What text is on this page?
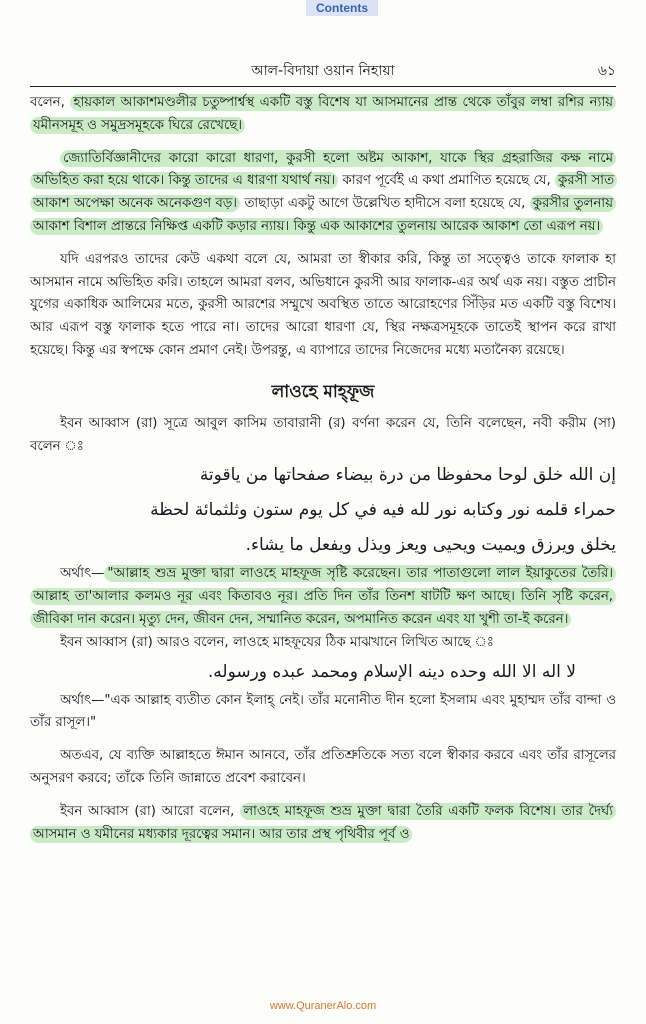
Contents
আল-বিদায়া ওয়ান নিহায়া	৬১

বলেন, হায়কাল আকাশমণ্ডলীর চতুষ্পার্শ্বস্থ একটি বস্তু বিশেষ যা আসমানের প্রান্ত থেকে তাঁবুর লম্বা রশির ন্যায় যমীনসমূহ ও সমুদ্রসমূহকে ঘিরে রেখেছে।

জ্যোতির্বিজ্ঞানীদের কারো কারো ধারণা, কুরসী হলো অষ্টম আকাশ, যাকে স্থির গ্রহরাজির কক্ষ নামে অভিহিত করা হয়ে থাকে। কিন্তু তাদের এ ধারণা যথার্থ নয়। কারণ পূর্বেই এ কথা প্রমাণিত হয়েছে যে, কুরসী সাত আকাশ অপেক্ষা অনেক অনেকগুণ বড়। তাছাড়া একটু আগে উল্লেখিত হাদীসে বলা হয়েছে যে, কুরসীর তুলনায় আকাশ বিশাল প্রান্তরে নিক্ষিপ্ত একটি কড়ার ন্যায়। কিন্তু এক আকাশের তুলনায় আরেক আকাশ তো এরূপ নয়।

যদি এরপরও তাদের কেউ একথা বলে যে, আমরা তা স্বীকার করি, কিন্তু তা সত্ত্বেও তাকে ফালাক হা আসমান নামে অভিহিত করি। তাহলে আমরা বলব, অভিধানে কুরসী আর ফালাক-এর অর্থ এক নয়। বস্তুত প্রাচীন যুগের একাধিক আলিমের মতে, কুরসী আরশের সম্মুখে অবস্থিত তাতে আরোহণের সিঁড়ির মত একটি বস্তু বিশেষ। আর এরূপ বস্তু ফালাক হতে পারে না। তাদের আরো ধারণা যে, স্থির নক্ষত্রসমূহকে তাতেই স্থাপন করে রাখা হয়েছে। কিন্তু এর স্বপক্ষে কোন প্রমাণ নেই। উপরন্তু, এ ব্যাপারে তাদের নিজেদের মধ্যে মতানৈক্য রয়েছে।

লাওহে মাহ্ফূজ

ইবন আব্বাস (রা) সূত্রে আবুল কাসিম তাবারানী (র) বর্ণনা করেন যে, তিনি বলেছেন, নবী করীম (সা) বলেন ঃ

إن الله خلق لوحا محفوظا من درة بيضاء صفحاتها من ياقوتة

حمراء قلمه نور وكتابه نور لله فيه في كل يوم ستون وثلثمائة لحظة

يخلق ويرزق ويميت ويحيى ويعز ويذل ويفعل ما يشاء.

অর্থাৎ— "আল্লাহ শুভ্র মুক্তা দ্বারা লাওহে মাহফূজ সৃষ্টি করেছেন। তার পাতাগুলো লাল ইয়াকুতের তৈরি। আল্লাহ তা'আলার কলমও নূর এবং কিতাবও নূর। প্রতি দিন তাঁর তিনশ ষাটটি ক্ষণ আছে। তিনি সৃষ্টি করেন, জীবিকা দান করেন। মৃত্যু দেন, জীবন দেন, সম্মানিত করেন, অপমানিত করেন এবং যা খুশী তা-ই করেন।

ইবন আব্বাস (রা) আরও বলেন, লাওহে মাহফূযের ঠিক মাঝখানে লিখিত আছে ঃ

لا اله الا الله وحده دينه الإسلام ومحمد عبده ورسوله.

অর্থাৎ—"এক আল্লাহ ব্যতীত কোন ইলাহ্ নেই। তাঁর মনোনীত দীন হলো ইসলাম এবং মুহাম্মদ তাঁর বান্দা ও তাঁর রাসূল।"

অতএব, যে ব্যক্তি আল্লাহতে ঈমান আনবে, তাঁর প্রতিশ্রুতিকে সত্য বলে স্বীকার করবে এবং তাঁর রাসূলের অনুসরণ করবে; তাঁকে তিনি জান্নাতে প্রবেশ করাবেন।

ইবন আব্বাস (রা) আরো বলেন, লাওহে মাহফূজ শুভ্র মুক্তা দ্বারা তৈরি একটি ফলক বিশেষ। তার দৈর্ঘ্য আসমান ও যমীনের মধ্যকার দূরত্বের সমান। আর তার প্রস্থ পৃথিবীর পূর্ব ও

www.QuranerAlo.com
